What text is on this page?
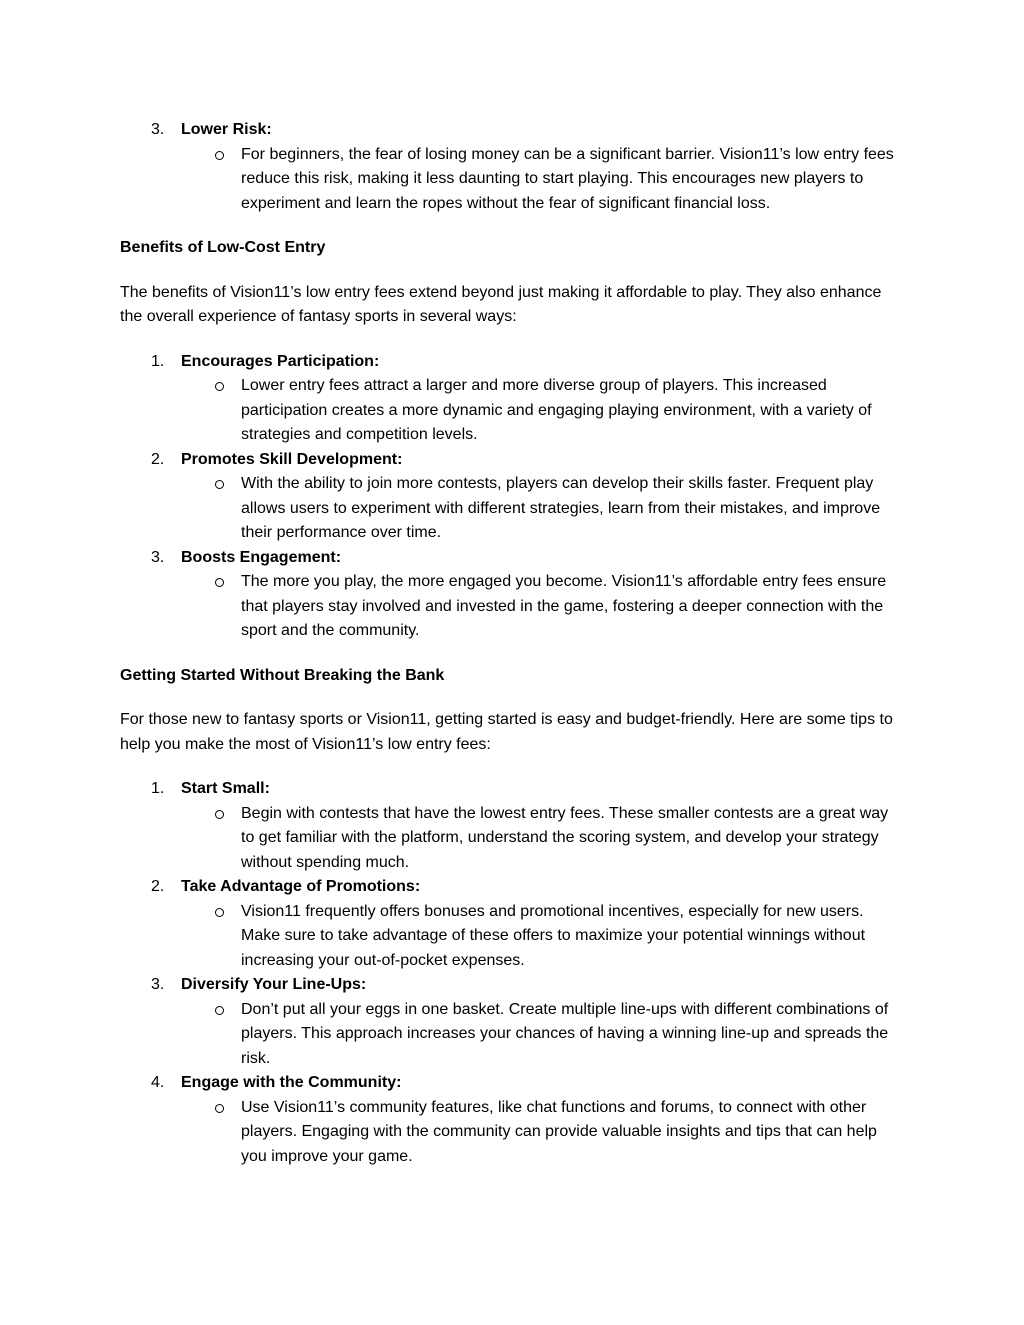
3.	Lower Risk:

For beginners, the fear of losing money can be a significant barrier. Vision11’s low entry fees reduce this risk, making it less daunting to start playing. This encourages new players to experiment and learn the ropes without the fear of significant financial loss.

Benefits of Low-Cost Entry

The benefits of Vision11’s low entry fees extend beyond just making it affordable to play. They also enhance the overall experience of fantasy sports in several ways:

1.	Encourages Participation:

Lower entry fees attract a larger and more diverse group of players. This increased participation creates a more dynamic and engaging playing environment, with a variety of strategies and competition levels.

2.	Promotes Skill Development:

With the ability to join more contests, players can develop their skills faster. Frequent play allows users to experiment with different strategies, learn from their mistakes, and improve their performance over time.

3.	Boosts Engagement:

The more you play, the more engaged you become. Vision11’s affordable entry fees ensure that players stay involved and invested in the game, fostering a deeper connection with the sport and the community.

Getting Started Without Breaking the Bank

For those new to fantasy sports or Vision11, getting started is easy and budget-friendly. Here are some tips to help you make the most of Vision11’s low entry fees:

1.	Start Small:

Begin with contests that have the lowest entry fees. These smaller contests are a great way to get familiar with the platform, understand the scoring system, and develop your strategy without spending much.

2.	Take Advantage of Promotions:

Vision11 frequently offers bonuses and promotional incentives, especially for new users. Make sure to take advantage of these offers to maximize your potential winnings without increasing your out-of-pocket expenses.

3.	Diversify Your Line-Ups:

Don’t put all your eggs in one basket. Create multiple line-ups with different combinations of players. This approach increases your chances of having a winning line-up and spreads the risk.

4.	Engage with the Community:

Use Vision11’s community features, like chat functions and forums, to connect with other players. Engaging with the community can provide valuable insights and tips that can help you improve your game.
